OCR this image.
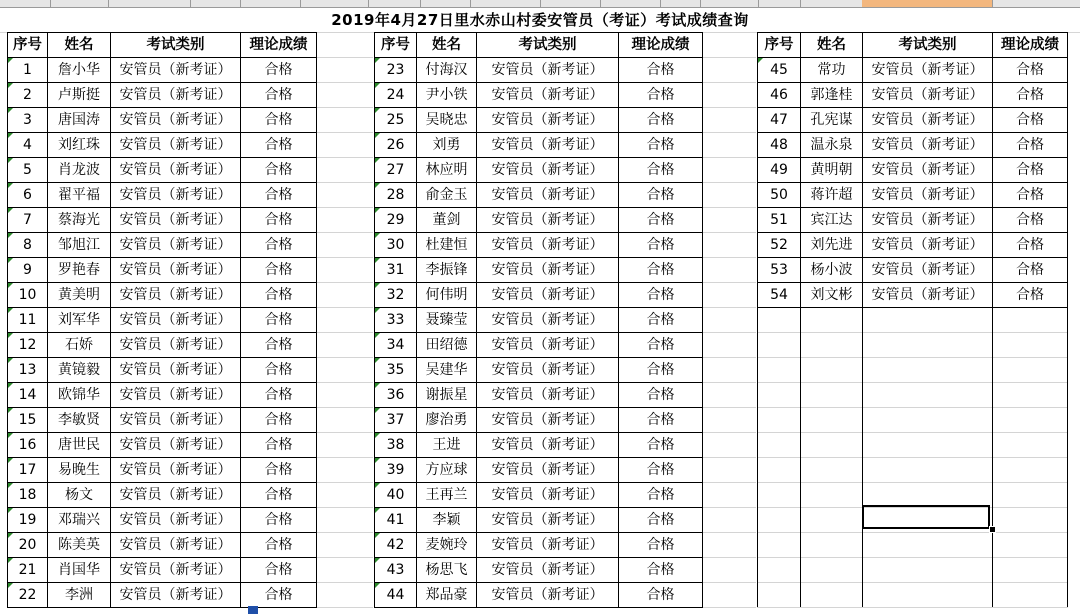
2019年4月27日里水赤山村委安管员（考证）考试成绩查询
序号	姓名	考试类别	理论成绩
1	詹小华	安管员（新考证）	合格
2	卢斯挺	安管员（新考证）	合格
3	唐国涛	安管员（新考证）	合格
4	刘红珠	安管员（新考证）	合格
5	肖龙波	安管员（新考证）	合格
6	翟平福	安管员（新考证）	合格
7	蔡海光	安管员（新考证）	合格
8	邹旭江	安管员（新考证）	合格
9	罗艳春	安管员（新考证）	合格
10	黄美明	安管员（新考证）	合格
11	刘军华	安管员（新考证）	合格
12	石娇	安管员（新考证）	合格
13	黄镜毅	安管员（新考证）	合格
14	欧锦华	安管员（新考证）	合格
15	李敏贤	安管员（新考证）	合格
16	唐世民	安管员（新考证）	合格
17	易晚生	安管员（新考证）	合格
18	杨文	安管员（新考证）	合格
19	邓瑞兴	安管员（新考证）	合格
20	陈美英	安管员（新考证）	合格
21	肖国华	安管员（新考证）	合格
22	李洲	安管员（新考证）	合格
序号	姓名	考试类别	理论成绩
23	付海汉	安管员（新考证）	合格
24	尹小铁	安管员（新考证）	合格
25	吴晓忠	安管员（新考证）	合格
26	刘勇	安管员（新考证）	合格
27	林应明	安管员（新考证）	合格
28	俞金玉	安管员（新考证）	合格
29	董剑	安管员（新考证）	合格
30	杜建恒	安管员（新考证）	合格
31	李振锋	安管员（新考证）	合格
32	何伟明	安管员（新考证）	合格
33	聂臻莹	安管员（新考证）	合格
34	田绍德	安管员（新考证）	合格
35	吴建华	安管员（新考证）	合格
36	谢振星	安管员（新考证）	合格
37	廖治勇	安管员（新考证）	合格
38	王进	安管员（新考证）	合格
39	方应球	安管员（新考证）	合格
40	王再兰	安管员（新考证）	合格
41	李颖	安管员（新考证）	合格
42	麦婉玲	安管员（新考证）	合格
43	杨思飞	安管员（新考证）	合格
44	郑品豪	安管员（新考证）	合格
序号	姓名	考试类别	理论成绩
45	常功	安管员（新考证）	合格
46	郭逢桂	安管员（新考证）	合格
47	孔宪谋	安管员（新考证）	合格
48	温永泉	安管员（新考证）	合格
49	黄明朝	安管员（新考证）	合格
50	蒋许超	安管员（新考证）	合格
51	宾江达	安管员（新考证）	合格
52	刘先进	安管员（新考证）	合格
53	杨小波	安管员（新考证）	合格
54	刘文彬	安管员（新考证）	合格
